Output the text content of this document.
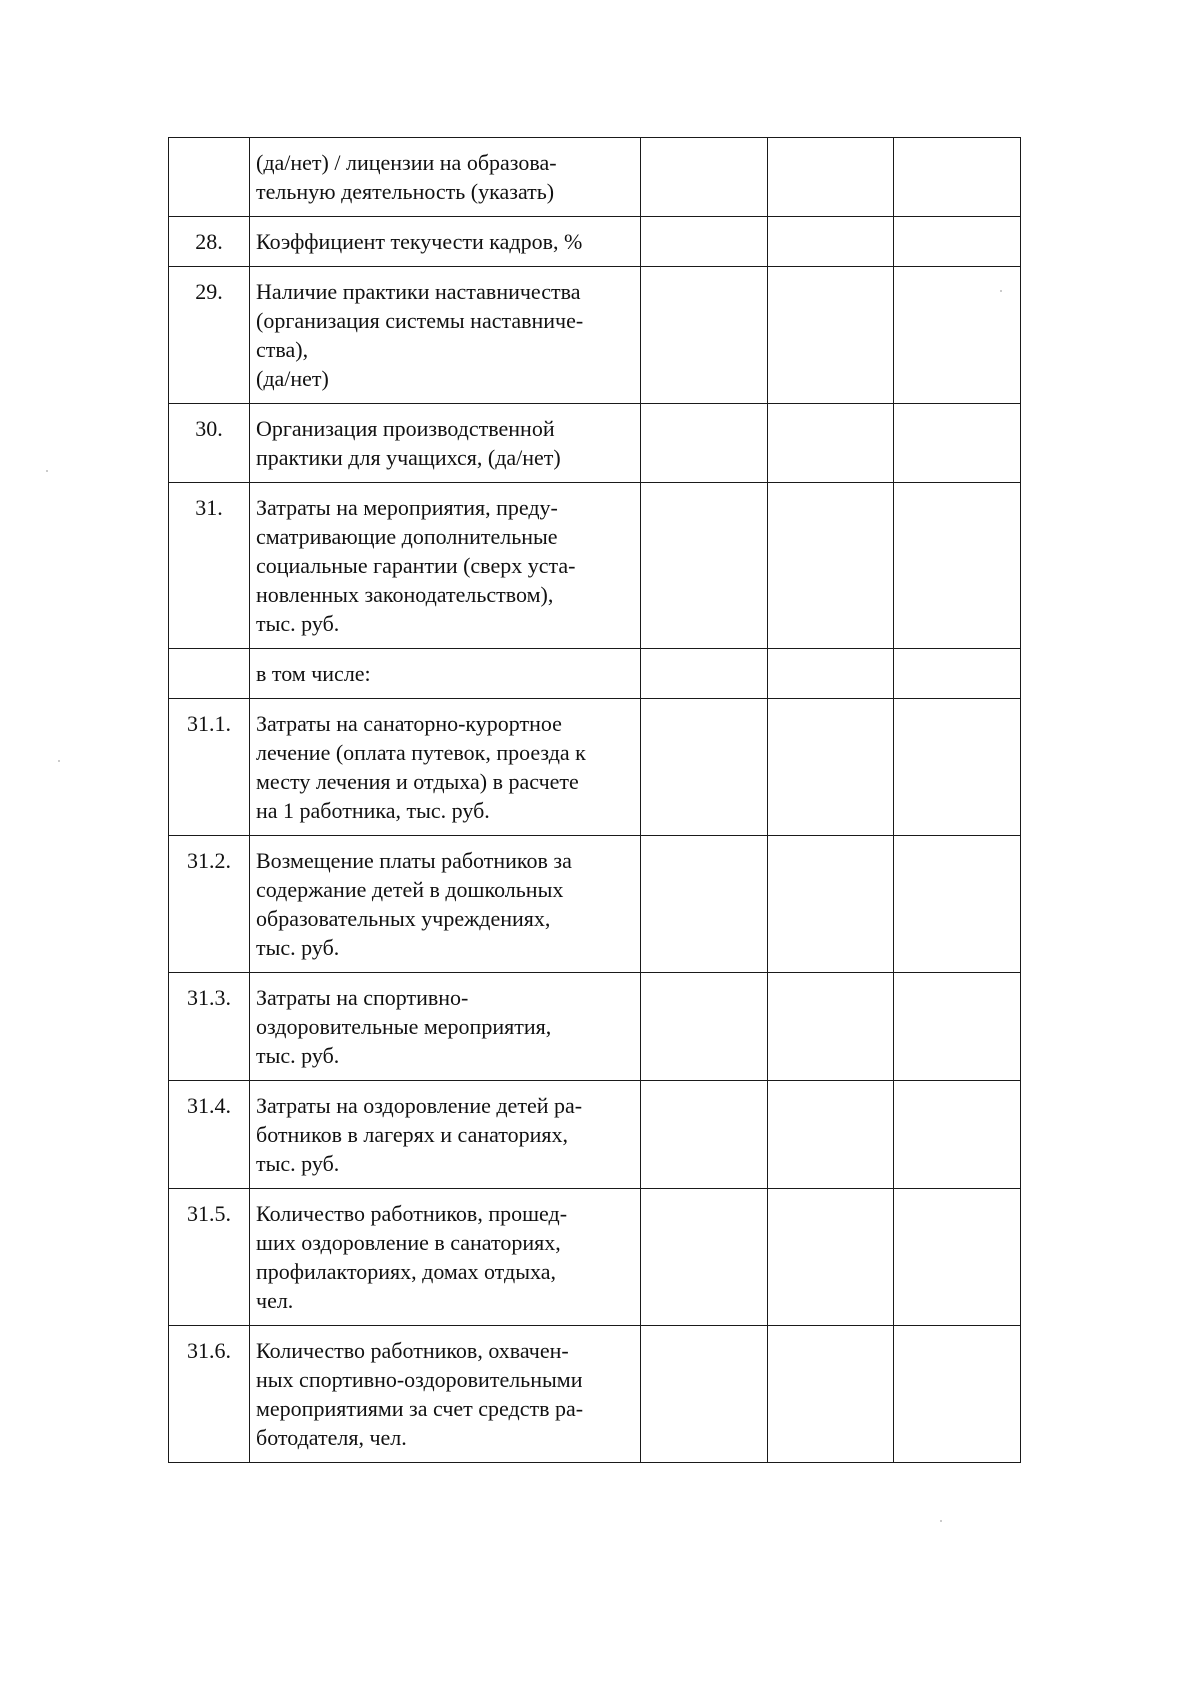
	(да/нет) / лицензии на образова-
тельную деятельность (указать)			

28.	Коэффициент текучести кадров, %			

29.	Наличие практики наставничества
(организация системы наставниче-
ства),
(да/нет)			

30.	Организация производственной
практики для учащихся, (да/нет)			

31.	Затраты на мероприятия, преду-
сматривающие дополнительные
социальные гарантии (сверх уста-
новленных законодательством),
тыс. руб.			

	в том числе:			

31.1.	Затраты на санаторно-курортное
лечение (оплата путевок, проезда к
месту лечения и отдыха) в расчете
на 1 работника, тыс. руб.			

31.2.	Возмещение платы работников за
содержание детей в дошкольных
образовательных учреждениях,
тыс. руб.			

31.3.	Затраты на спортивно-
оздоровительные мероприятия,
тыс. руб.			

31.4.	Затраты на оздоровление детей ра-
ботников в лагерях и санаториях,
тыс. руб.			

31.5.	Количество работников, прошед-
ших оздоровление в санаториях,
профилакториях, домах отдыха,
чел.			

31.6.	Количество работников, охвачен-
ных спортивно-оздоровительными
мероприятиями за счет средств ра-
ботодателя, чел.			
